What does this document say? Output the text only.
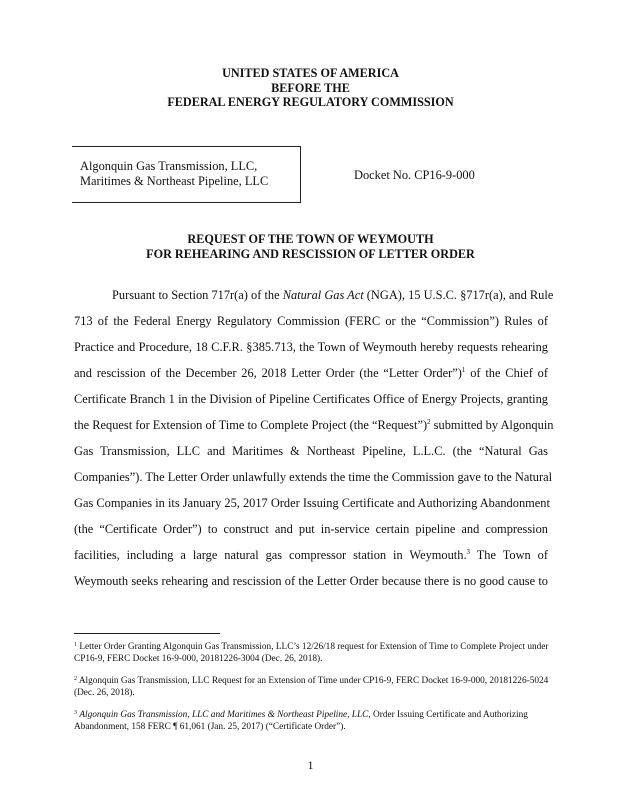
UNITED STATES OF AMERICA
BEFORE THE
FEDERAL ENERGY REGULATORY COMMISSION
Algonquin Gas Transmission, LLC,
Maritimes & Northeast Pipeline, LLC	Docket No. CP16-9-000
REQUEST OF THE TOWN OF WEYMOUTH
FOR REHEARING AND RESCISSION OF LETTER ORDER
Pursuant to Section 717r(a) of the Natural Gas Act (NGA), 15 U.S.C. §717r(a), and Rule
713 of the Federal Energy Regulatory Commission (FERC or the “Commission”) Rules of
Practice and Procedure, 18 C.F.R. §385.713, the Town of Weymouth hereby requests rehearing
and rescission of the December 26, 2018 Letter Order (the “Letter Order”)$^1$ of the Chief of
Certificate Branch 1 in the Division of Pipeline Certificates Office of Energy Projects, granting
the Request for Extension of Time to Complete Project (the “Request”)$^2$ submitted by Algonquin
Gas Transmission, LLC and Maritimes & Northeast Pipeline, L.L.C. (the “Natural Gas
Companies”). The Letter Order unlawfully extends the time the Commission gave to the Natural
Gas Companies in its January 25, 2017 Order Issuing Certificate and Authorizing Abandonment
(the “Certificate Order”) to construct and put in-service certain pipeline and compression
facilities, including a large natural gas compressor station in Weymouth.$^3$ The Town of
Weymouth seeks rehearing and rescission of the Letter Order because there is no good cause to
$^1$ Letter Order Granting Algonquin Gas Transmission, LLC’s 12/26/18 request for Extension of Time to Complete Project under CP16-9, FERC Docket 16-9-000, 20181226-3004 (Dec. 26, 2018).
$^2$ Algonquin Gas Transmission, LLC Request for an Extension of Time under CP16-9, FERC Docket 16-9-000, 20181226-5024 (Dec. 26, 2018).
$^3$ Algonquin Gas Transmission, LLC and Maritimes & Northeast Pipeline, LLC, Order Issuing Certificate and Authorizing Abandonment, 158 FERC ¶ 61,061 (Jan. 25, 2017) (“Certificate Order”).
1
